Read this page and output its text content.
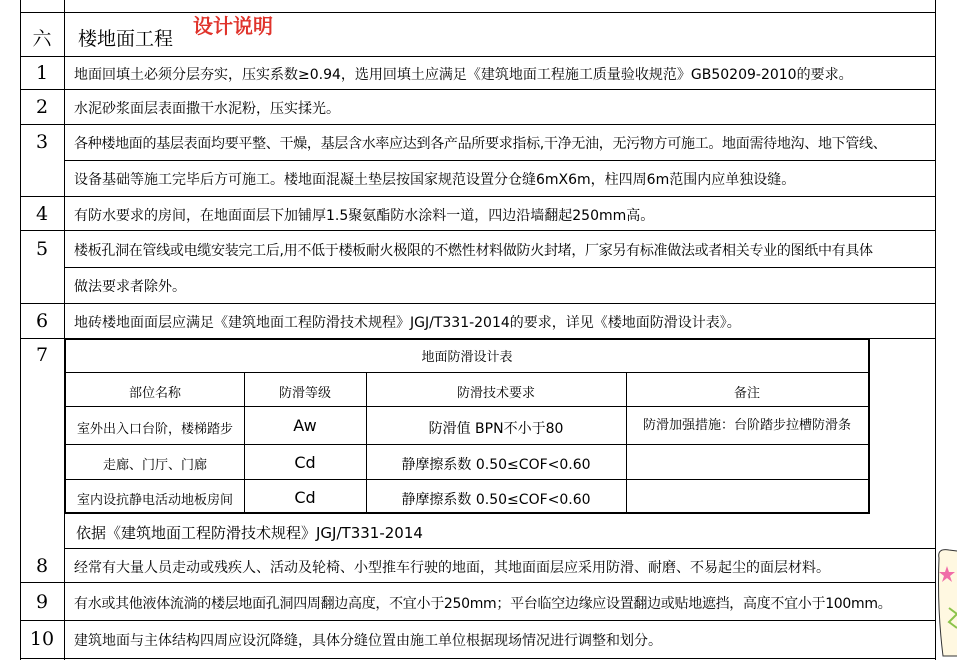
六	楼地面工程
设计说明
1	地面回填土必须分层夯实，压实系数≥0.94，选用回填土应满足《建筑地面工程施工质量验收规范》GB50209-2010的要求。
2	水泥砂浆面层表面撒干水泥粉，压实揉光。
3	各种楼地面的基层表面均要平整、干燥，基层含水率应达到各产品所要求指标,干净无油，无污物方可施工。地面需待地沟、地下管线、
设备基础等施工完毕后方可施工。楼地面混凝土垫层按国家规范设置分仓缝6mX6m，柱四周6m范围内应单独设缝。
4	有防水要求的房间，在地面面层下加铺厚1.5聚氨酯防水涂料一道，四边沿墙翻起250mm高。
5	楼板孔洞在管线或电缆安装完工后,用不低于楼板耐火极限的不燃性材料做防火封堵，厂家另有标准做法或者相关专业的图纸中有具体
做法要求者除外。
6	地砖楼地面面层应满足《建筑地面工程防滑技术规程》JGJ/T331-2014的要求，详见《楼地面防滑设计表》。
7	地面防滑设计表
部位名称	防滑等级	防滑技术要求	备注
室外出入口台阶，楼梯踏步	Aw	防滑值 BPN不小于80	防滑加强措施：台阶踏步拉槽防滑条
走廊、门厅、门廊	Cd	静摩擦系数 0.50≤COF<0.60
室内设抗静电活动地板房间	Cd	静摩擦系数 0.50≤COF<0.60
依据《建筑地面工程防滑技术规程》JGJ/T331-2014
8	经常有大量人员走动或残疾人、活动及轮椅、小型推车行驶的地面，其地面面层应采用防滑、耐磨、不易起尘的面层材料。
9	有水或其他液体流淌的楼层地面孔洞四周翻边高度，不宜小于250mm；平台临空边缘应设置翻边或贴地遮挡，高度不宜小于100mm。
10	建筑地面与主体结构四周应设沉降缝，具体分缝位置由施工单位根据现场情况进行调整和划分。
